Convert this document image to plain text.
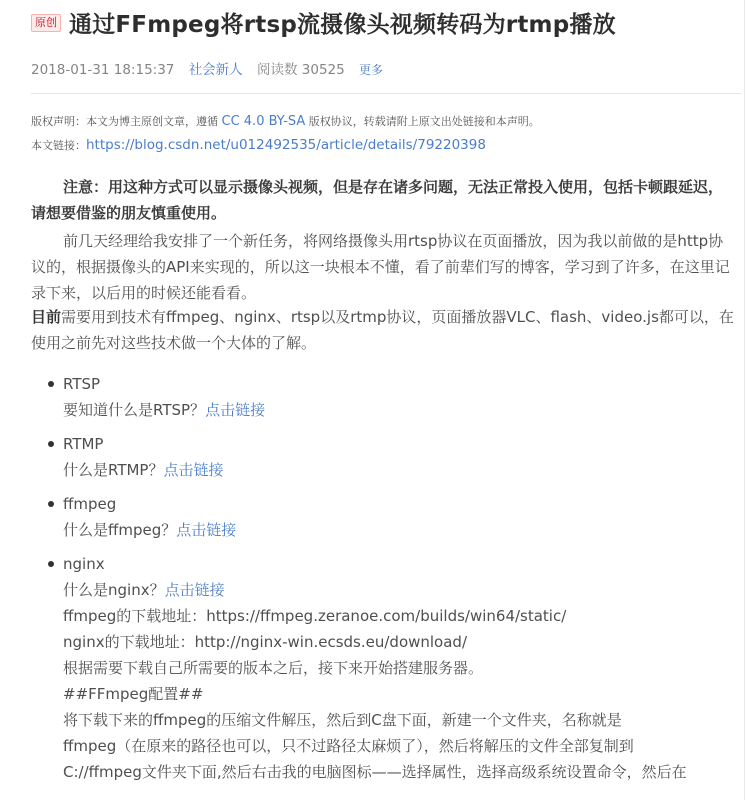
原创 通过FFmpeg将rtsp流摄像头视频转码为rtmp播放
2018-01-31 18:15:37 社会新人 阅读数 30525 更多
版权声明：本文为博主原创文章，遵循 CC 4.0 BY-SA 版权协议，转载请附上原文出处链接和本声明。
本文链接：https://blog.csdn.net/u012492535/article/details/79220398
注意：用这种方式可以显示摄像头视频，但是存在诸多问题，无法正常投入使用，包括卡顿跟延迟，请想要借鉴的朋友慎重使用。
前几天经理给我安排了一个新任务，将网络摄像头用rtsp协议在页面播放，因为我以前做的是http协议的，根据摄像头的API来实现的，所以这一块根本不懂，看了前辈们写的博客，学习到了许多，在这里记录下来，以后用的时候还能看看。
目前需要用到技术有ffmpeg、nginx、rtsp以及rtmp协议，页面播放器VLC、flash、video.js都可以，在使用之前先对这些技术做一个大体的了解。
RTSP
要知道什么是RTSP？点击链接
RTMP
什么是RTMP？点击链接
ffmpeg
什么是ffmpeg？点击链接
nginx
什么是nginx？点击链接
ffmpeg的下载地址：https://ffmpeg.zeranoe.com/builds/win64/static/
nginx的下载地址：http://nginx-win.ecsds.eu/download/
根据需要下载自己所需要的版本之后，接下来开始搭建服务器。
##FFmpeg配置##
将下载下来的ffmpeg的压缩文件解压，然后到C盘下面，新建一个文件夹，名称就是
ffmpeg（在原来的路径也可以，只不过路径太麻烦了），然后将解压的文件全部复制到
C://ffmpeg文件夹下面,然后右击我的电脑图标——选择属性，选择高级系统设置命令，然后在
